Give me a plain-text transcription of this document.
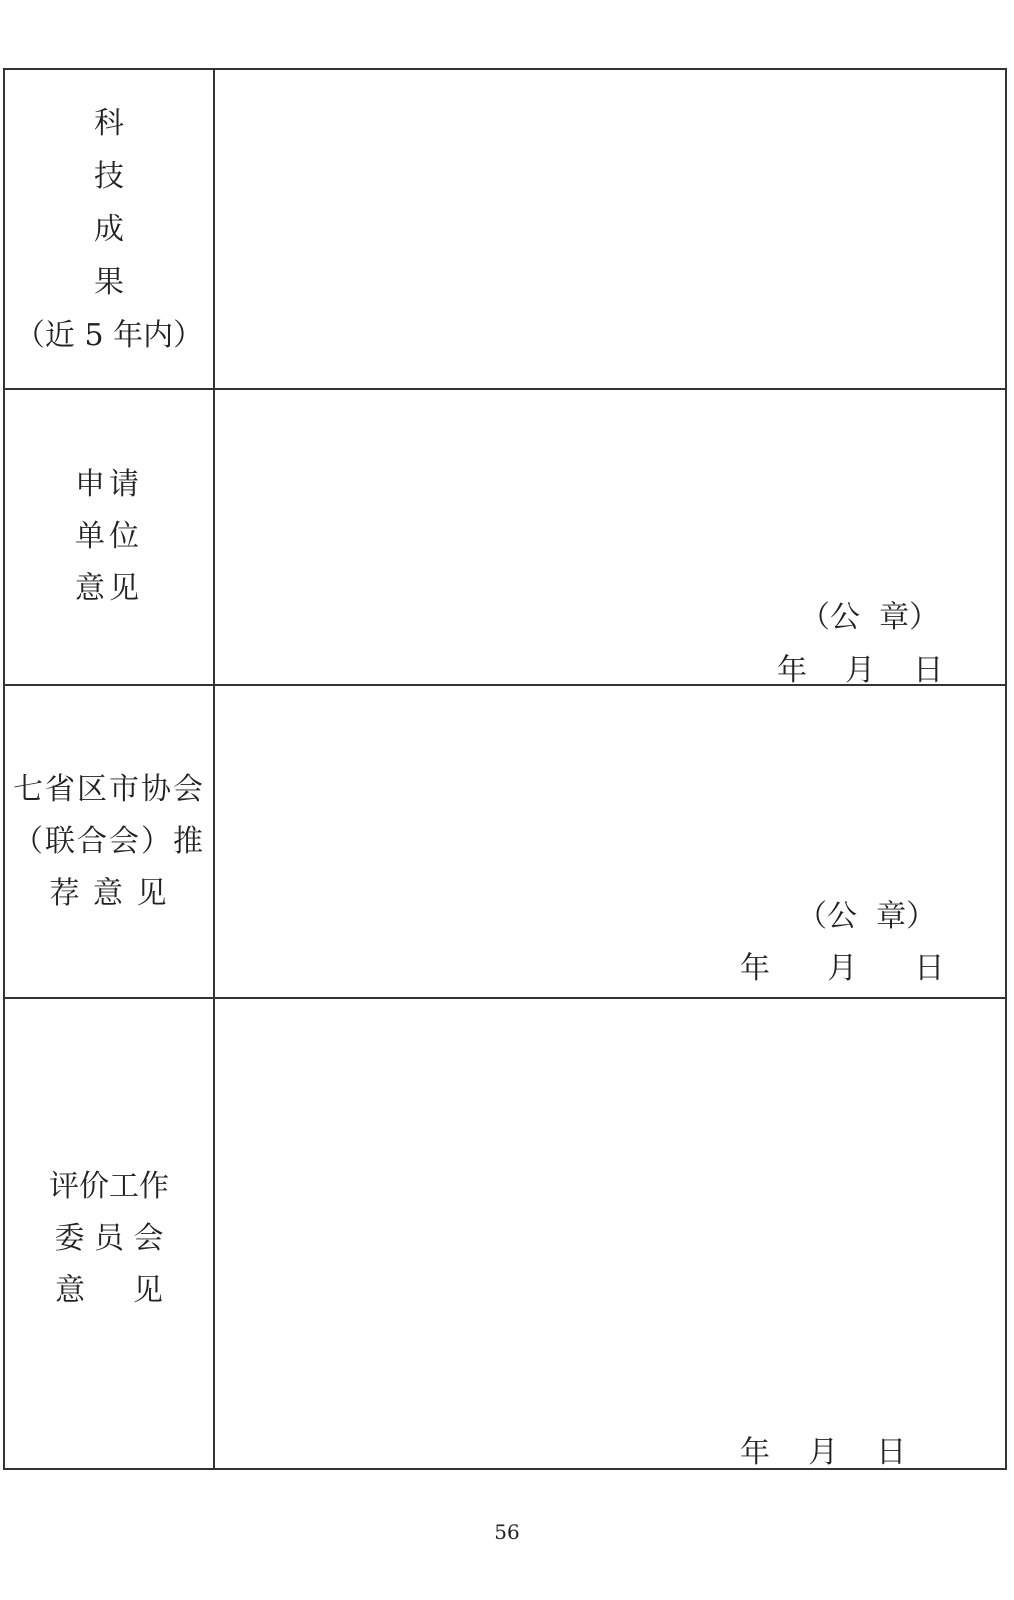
科
技
成
果
（近 5 年内）
申请
单位
意见
（公  章）
年    月    日
七省区市协会
（联合会）推
荐 意 见
（公  章）
年      月      日
评价工作
委 员 会
意     见
年    月    日
56
